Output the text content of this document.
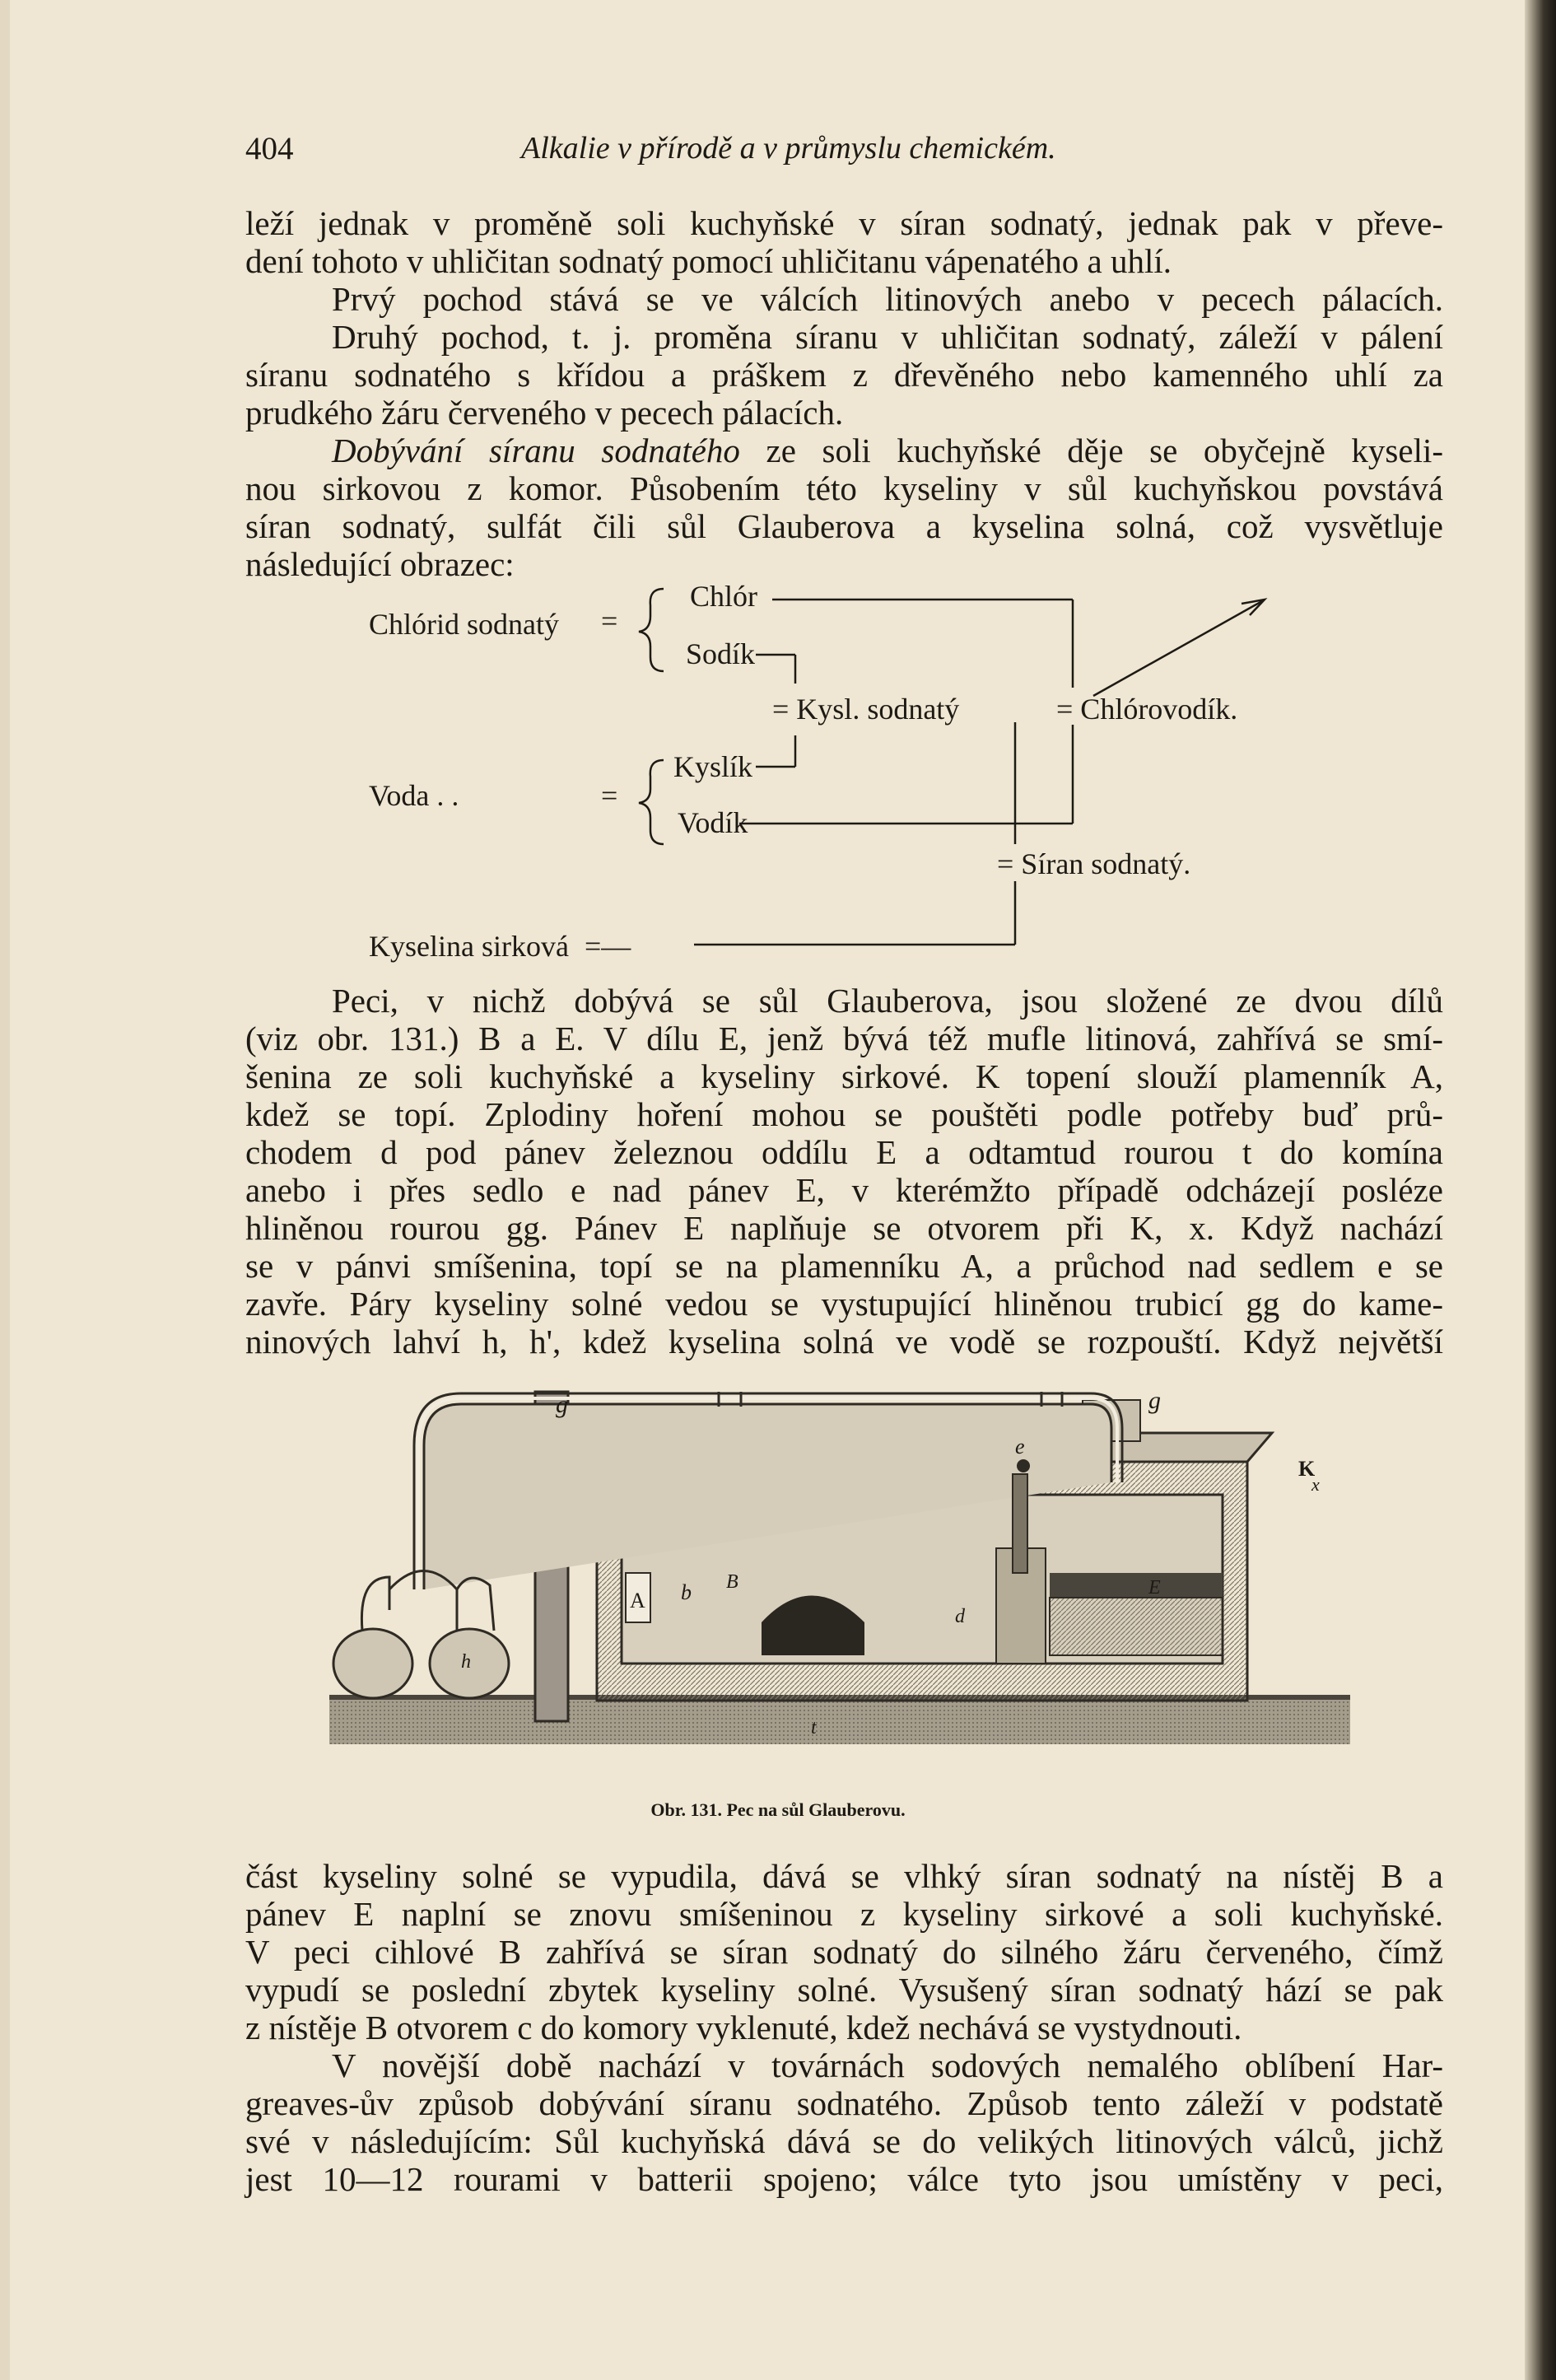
404	Alkalie v přírodě a v průmyslu chemickém.
leží jednak v proměně soli kuchyňské v síran sodnatý, jednak pak v převe-
dení tohoto v uhličitan sodnatý pomocí uhličitanu vápenatého a uhlí.
Prvý pochod stává se ve válcích litinových anebo v pecech pálacích.
Druhý pochod, t. j. proměna síranu v uhličitan sodnatý, záleží v pálení
síranu sodnatého s křídou a práškem z dřevěného nebo kamenného uhlí za
prudkého žáru červeného v pecech pálacích.
Dobývání síranu sodnatého ze soli kuchyňské děje se obyčejně kyseli-
nou sirkovou z komor. Působením této kyseliny v sůl kuchyňskou povstává
síran sodnatý, sulfát čili sůl Glauberova a kyselina solná, což vysvětluje
následující obrazec:
Chlórid sodnatý =
Chlór
Sodík
= Kysl. sodnatý	= Chlórovodík.
Voda . .	=
Kyslík
Vodík
= Síran sodnatý.
Kyselina sirková =—
Peci, v nichž dobývá se sůl Glauberova, jsou složené ze dvou dílů
(viz obr. 131.) B a E. V dílu E, jenž bývá též mufle litinová, zahřívá se smí-
šenina ze soli kuchyňské a kyseliny sirkové. K topení slouží plamenník A,
kdež se topí. Zplodiny hoření mohou se pouštěti podle potřeby buď prů-
chodem d pod pánev železnou oddílu E a odtamtud rourou t do komína
anebo i přes sedlo e nad pánev E, v kterémžto případě odcházejí posléze
hliněnou rourou gg. Pánev E naplňuje se otvorem při K, x. Když nachází
se v pánvi smíšenina, topí se na plamenníku A, a průchod nad sedlem e se
zavře. Páry kyseliny solné vedou se vystupující hliněnou trubicí gg do kame-
ninových lahví h, h', kdež kyselina solná ve vodě se rozpouští. Když největší
g	g
e
K
x
A b B
d
E
h
t
Obr. 131. Pec na sůl Glauberovu.
část kyseliny solné se vypudila, dává se vlhký síran sodnatý na nístěj B a
pánev E naplní se znovu smíšeninou z kyseliny sirkové a soli kuchyňské.
V peci cihlové B zahřívá se síran sodnatý do silného žáru červeného, čímž
vypudí se poslední zbytek kyseliny solné. Vysušený síran sodnatý hází se pak
z nístěje B otvorem c do komory vyklenuté, kdež nechává se vystydnouti.
V novější době nachází v továrnách sodových nemalého oblíbení Har-
greaves-ův způsob dobývání síranu sodnatého. Způsob tento záleží v podstatě
své v následujícím: Sůl kuchyňská dává se do velikých litinových válců, jichž
jest 10—12 rourami v batterii spojeno; válce tyto jsou umístěny v peci,
